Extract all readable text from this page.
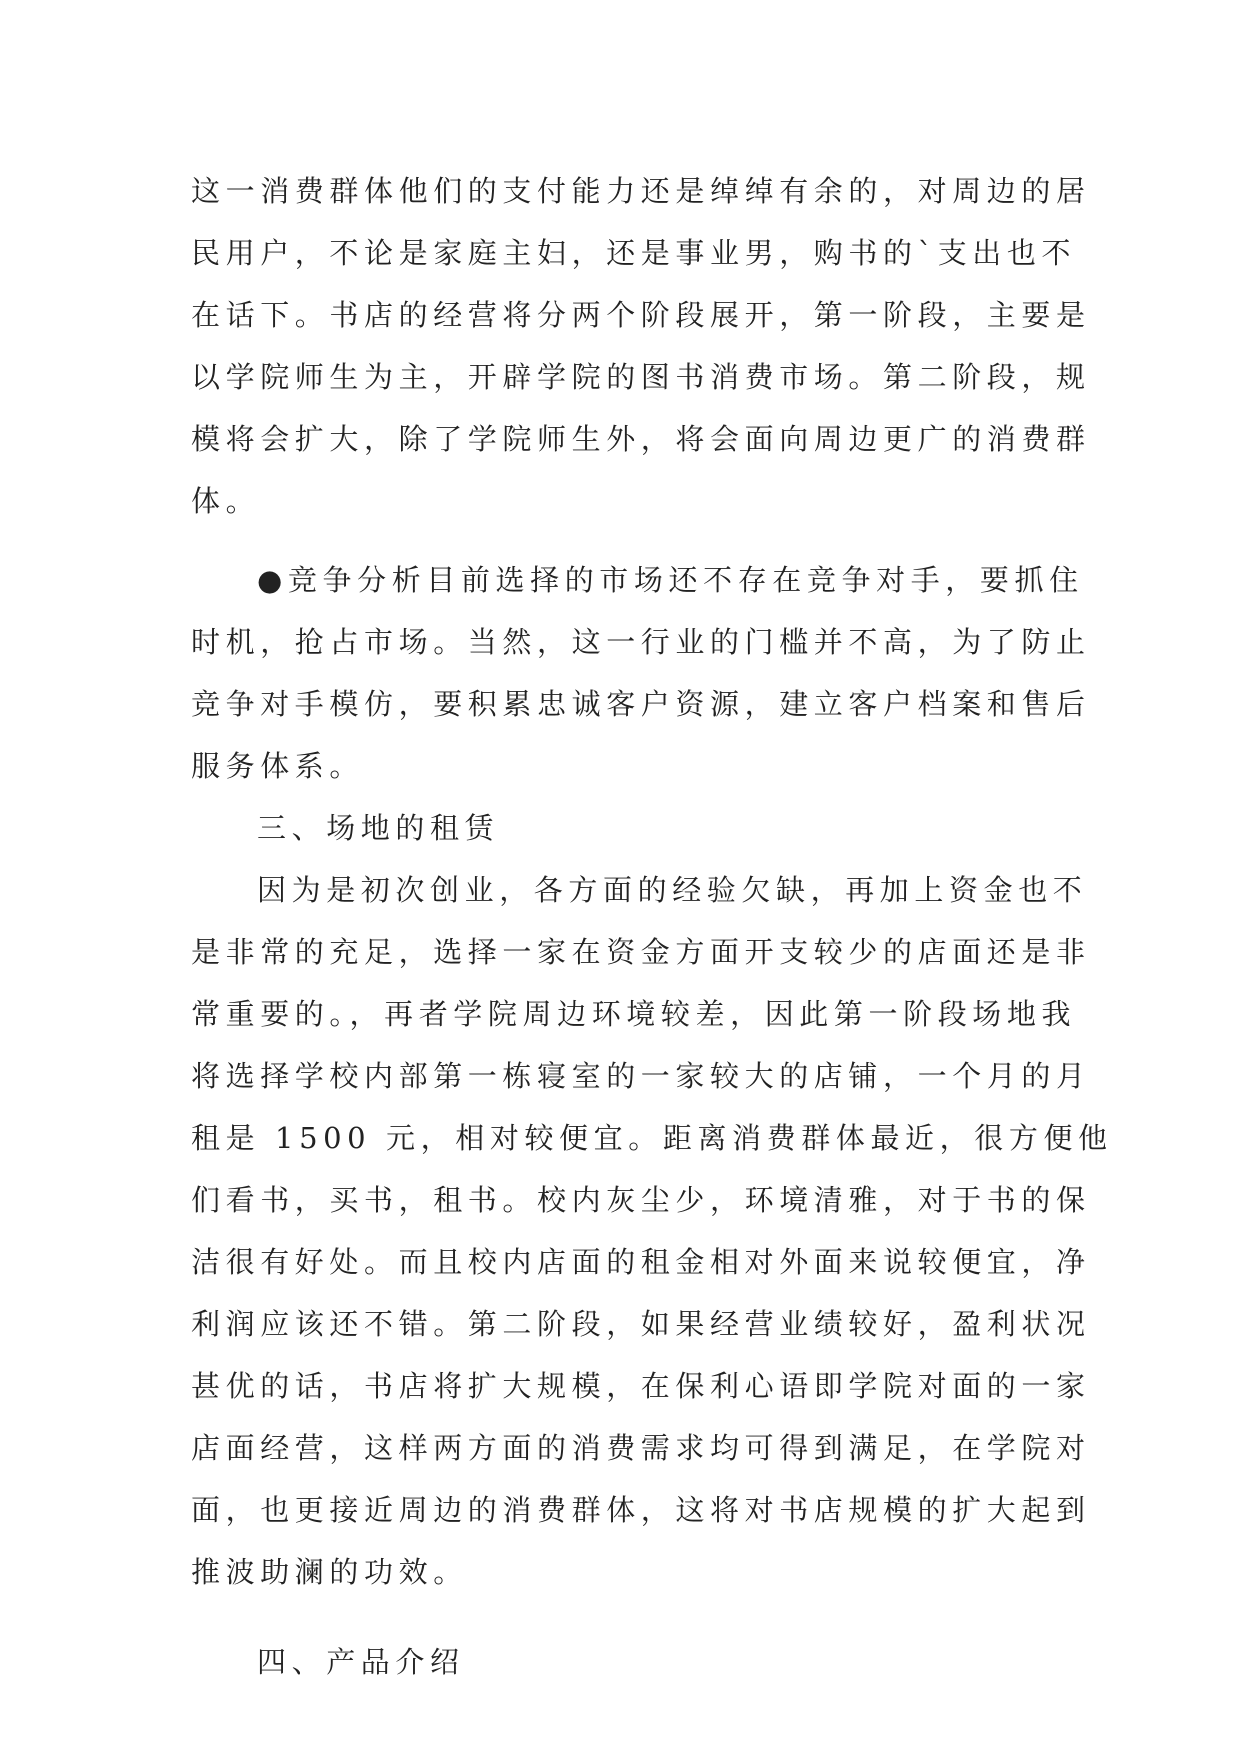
这一消费群体他们的支付能力还是绰绰有余的，对周边的居
民用户，不论是家庭主妇，还是事业男，购书的`支出也不
在话下。书店的经营将分两个阶段展开，第一阶段，主要是
以学院师生为主，开辟学院的图书消费市场。第二阶段，规
模将会扩大，除了学院师生外，将会面向周边更广的消费群
体。
●竞争分析目前选择的市场还不存在竞争对手，要抓住
时机，抢占市场。当然，这一行业的门槛并不高，为了防止
竞争对手模仿，要积累忠诚客户资源，建立客户档案和售后
服务体系。
三、场地的租赁
因为是初次创业，各方面的经验欠缺，再加上资金也不
是非常的充足，选择一家在资金方面开支较少的店面还是非
常重要的。，再者学院周边环境较差，因此第一阶段场地我
将选择学校内部第一栋寝室的一家较大的店铺，一个月的月
租是 1500 元，相对较便宜。距离消费群体最近，很方便他
们看书，买书，租书。校内灰尘少，环境清雅，对于书的保
洁很有好处。而且校内店面的租金相对外面来说较便宜，净
利润应该还不错。第二阶段，如果经营业绩较好，盈利状况
甚优的话，书店将扩大规模，在保利心语即学院对面的一家
店面经营，这样两方面的消费需求均可得到满足，在学院对
面，也更接近周边的消费群体，这将对书店规模的扩大起到
推波助澜的功效。
四、产品介绍
